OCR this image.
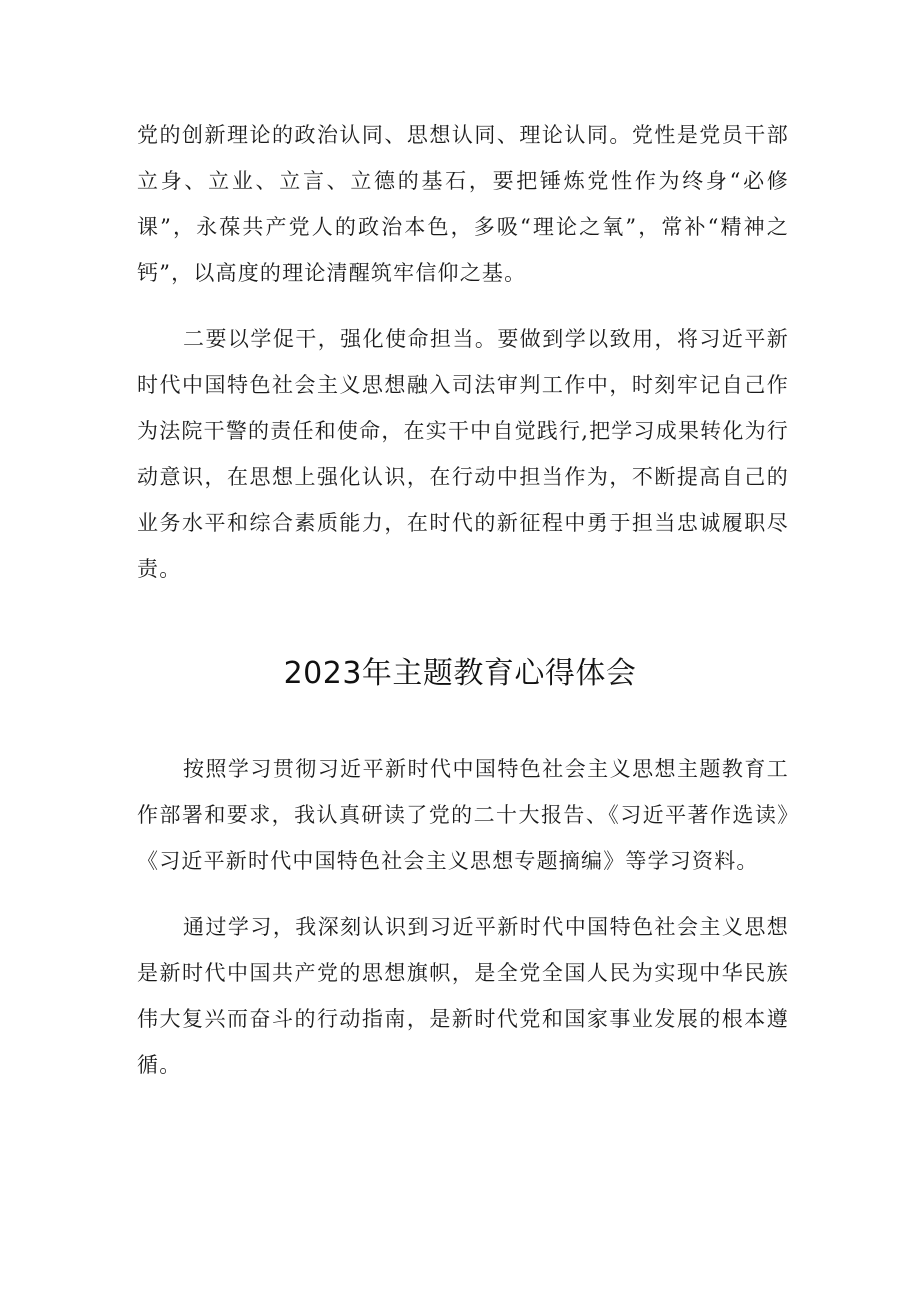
党的创新理论的政治认同、思想认同、理论认同。党性是党员干部立身、立业、立言、立德的基石，要把锤炼党性作为终身“必修课”，永葆共产党人的政治本色，多吸“理论之氧”，常补“精神之钙”，以高度的理论清醒筑牢信仰之基。

二要以学促干，强化使命担当。要做到学以致用，将习近平新时代中国特色社会主义思想融入司法审判工作中，时刻牢记自己作为法院干警的责任和使命，在实干中自觉践行,把学习成果转化为行动意识，在思想上强化认识，在行动中担当作为，不断提高自己的业务水平和综合素质能力，在时代的新征程中勇于担当忠诚履职尽责。

2023年主题教育心得体会

按照学习贯彻习近平新时代中国特色社会主义思想主题教育工作部署和要求，我认真研读了党的二十大报告、《习近平著作选读》《习近平新时代中国特色社会主义思想专题摘编》等学习资料。

通过学习，我深刻认识到习近平新时代中国特色社会主义思想是新时代中国共产党的思想旗帜，是全党全国人民为实现中华民族伟大复兴而奋斗的行动指南，是新时代党和国家事业发展的根本遵循。
